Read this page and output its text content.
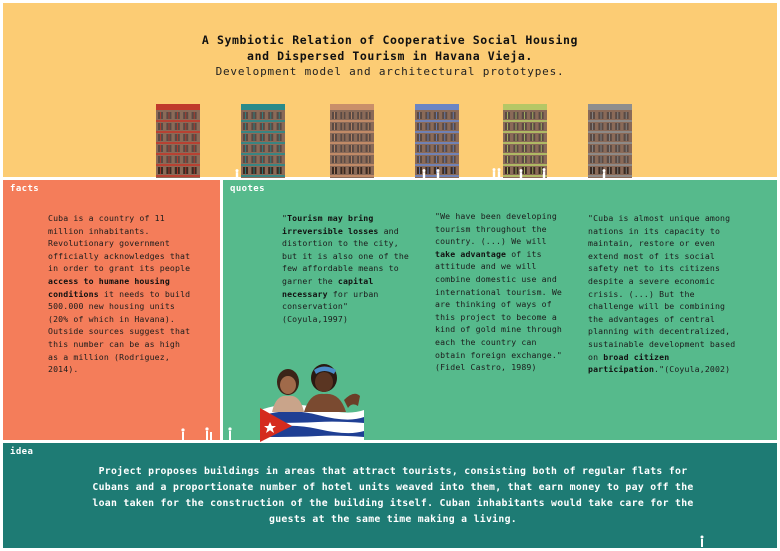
A Symbiotic Relation of Cooperative Social Housing
and Dispersed Tourism in Havana Vieja.
Development model and architectural prototypes.
facts
Cuba is a country of 11 million inhabitants. Revolutionary government officially acknowledges that in order to grant its people access to humane housing conditions it needs to build 500.000 new housing units (20% of which in Havana). Outside sources suggest that this number can be as high as a million (Rodriguez, 2014).
quotes
"Tourism may bring irreversible losses and distortion to the city, but it is also one of the few affordable means to garner the capital necessary for urban conservation" (Coyula,1997)
"We have been developing tourism throughout the country. (...) We will take advantage of its attitude and we will combine domestic use and international tourism. We are thinking of ways of this project to become a kind of gold mine through each the country can obtain foreign exchange." (Fidel Castro, 1989)
"Cuba is almost unique among nations in its capacity to maintain, restore or even extend most of its social safety net to its citizens despite a severe economic crisis. (...) But the challenge will be combining the advantages of central planning with decentralized, sustainable development based on broad citizen participation."(Coyula,2002)
idea
Project proposes buildings in areas that attract tourists, consisting both of regular flats for Cubans and a proportionate number of hotel units weaved into them, that earn money to pay off the loan taken for the construction of the building itself. Cuban inhabitants would take care for the guests at the same time making a living.
